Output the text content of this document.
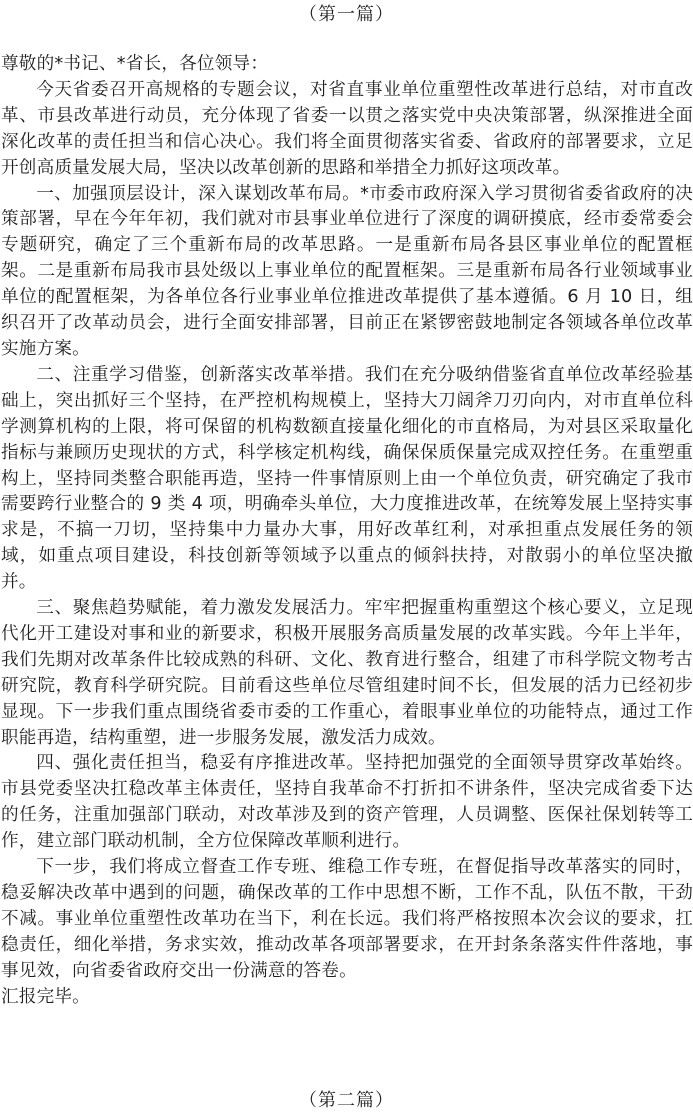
（第一篇）

尊敬的*书记、*省长，各位领导：

今天省委召开高规格的专题会议，对省直事业单位重塑性改革进行总结，对市直改革、市县改革进行动员，充分体现了省委一以贯之落实党中央决策部署，纵深推进全面深化改革的责任担当和信心决心。我们将全面贯彻落实省委、省政府的部署要求，立足开创高质量发展大局，坚决以改革创新的思路和举措全力抓好这项改革。

一、加强顶层设计，深入谋划改革布局。*市委市政府深入学习贯彻省委省政府的决策部署，早在今年年初，我们就对市县事业单位进行了深度的调研摸底，经市委常委会专题研究，确定了三个重新布局的改革思路。一是重新布局各县区事业单位的配置框架。二是重新布局我市县处级以上事业单位的配置框架。三是重新布局各行业领域事业单位的配置框架，为各单位各行业事业单位推进改革提供了基本遵循。6 月 10 日，组织召开了改革动员会，进行全面安排部署，目前正在紧锣密鼓地制定各领域各单位改革实施方案。

二、注重学习借鉴，创新落实改革举措。我们在充分吸纳借鉴省直单位改革经验基础上，突出抓好三个坚持，在严控机构规模上，坚持大刀阔斧刀刃向内，对市直单位科学测算机构的上限，将可保留的机构数额直接量化细化的市直格局，为对县区采取量化指标与兼顾历史现状的方式，科学核定机构线，确保保质保量完成双控任务。在重塑重构上，坚持同类整合职能再造，坚持一件事情原则上由一个单位负责，研究确定了我市需要跨行业整合的 9 类 4 项，明确牵头单位，大力度推进改革，在统筹发展上坚持实事求是，不搞一刀切，坚持集中力量办大事，用好改革红利，对承担重点发展任务的领域，如重点项目建设，科技创新等领域予以重点的倾斜扶持，对散弱小的单位坚决撤并。

三、聚焦趋势赋能，着力激发发展活力。牢牢把握重构重塑这个核心要义，立足现代化开工建设对事和业的新要求，积极开展服务高质量发展的改革实践。今年上半年，我们先期对改革条件比较成熟的科研、文化、教育进行整合，组建了市科学院文物考古研究院，教育科学研究院。目前看这些单位尽管组建时间不长，但发展的活力已经初步显现。下一步我们重点围绕省委市委的工作重心，着眼事业单位的功能特点，通过工作职能再造，结构重塑，进一步服务发展，激发活力成效。

四、强化责任担当，稳妥有序推进改革。坚持把加强党的全面领导贯穿改革始终。市县党委坚决扛稳改革主体责任，坚持自我革命不打折扣不讲条件，坚决完成省委下达的任务，注重加强部门联动，对改革涉及到的资产管理，人员调整、医保社保划转等工作，建立部门联动机制，全方位保障改革顺利进行。

下一步，我们将成立督查工作专班、维稳工作专班，在督促指导改革落实的同时，稳妥解决改革中遇到的问题，确保改革的工作中思想不断，工作不乱，队伍不散，干劲不减。事业单位重塑性改革功在当下，利在长远。我们将严格按照本次会议的要求，扛稳责任，细化举措，务求实效，推动改革各项部署要求，在开封条条落实件件落地，事事见效，向省委省政府交出一份满意的答卷。

汇报完毕。

（第二篇）
